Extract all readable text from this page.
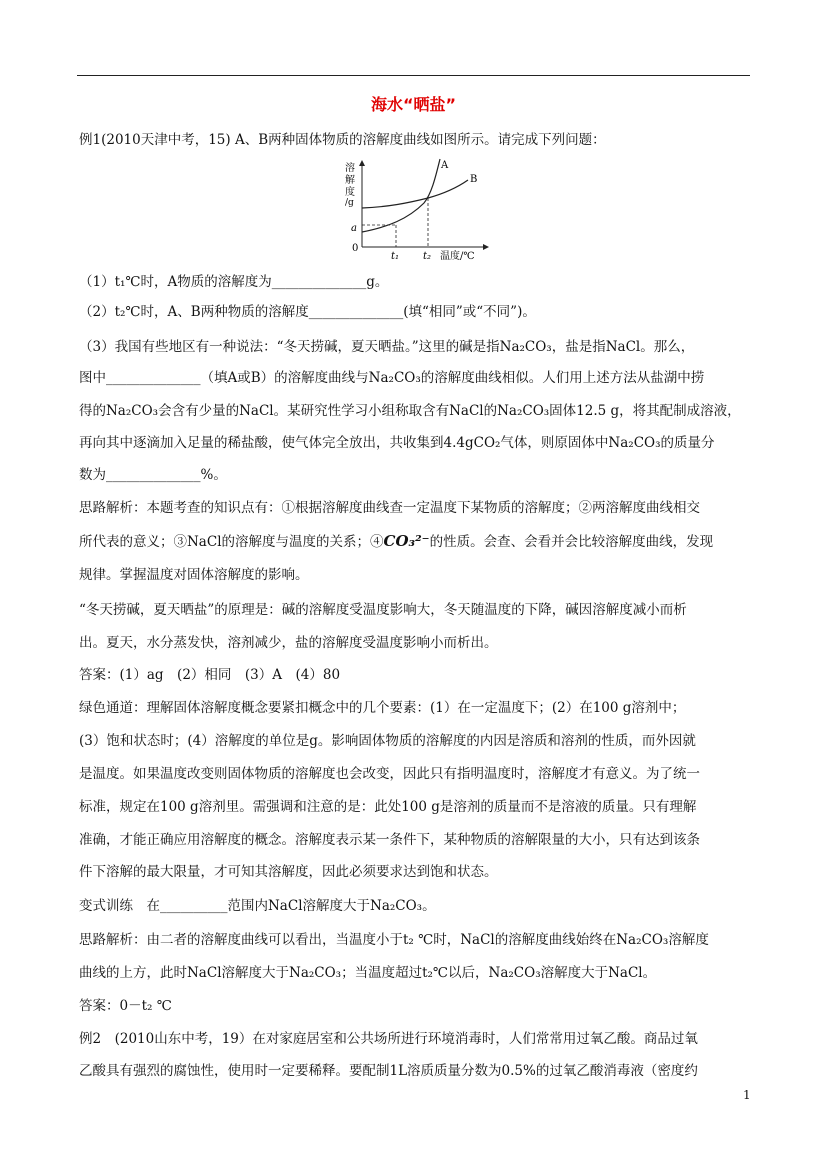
海水“晒盐”
例1(2010天津中考，15) A、B两种固体物质的溶解度曲线如图所示。请完成下列问题：
溶
解
度
/g
a
0
t₁ t₂ 温度/℃
A
B
（1）t₁℃时，A物质的溶解度为______________g。
（2）t₂℃时，A、B两种物质的溶解度______________(填“相同”或“不同”)。
（3）我国有些地区有一种说法：“冬天捞碱，夏天晒盐。”这里的碱是指Na₂CO₃，盐是指NaCl。那么，
图中______________（填A或B）的溶解度曲线与Na₂CO₃的溶解度曲线相似。人们用上述方法从盐湖中捞
得的Na₂CO₃会含有少量的NaCl。某研究性学习小组称取含有NaCl的Na₂CO₃固体12.5 g，将其配制成溶液，
再向其中逐滴加入足量的稀盐酸，使气体完全放出，共收集到4.4gCO₂气体，则原固体中Na₂CO₃的质量分
数为______________%。
思路解析：本题考查的知识点有：①根据溶解度曲线查一定温度下某物质的溶解度；②两溶解度曲线相交
所代表的意义；③NaCl的溶解度与温度的关系；④CO₃²⁻的性质。会查、会看并会比较溶解度曲线，发现
规律。掌握温度对固体溶解度的影响。
“冬天捞碱，夏天晒盐”的原理是：碱的溶解度受温度影响大，冬天随温度的下降，碱因溶解度减小而析
出。夏天，水分蒸发快，溶剂减少，盐的溶解度受温度影响小而析出。
答案：(1）ag　(2）相同　(3）A　(4）80
绿色通道：理解固体溶解度概念要紧扣概念中的几个要素：(1）在一定温度下；(2）在100 g溶剂中；
(3）饱和状态时；(4）溶解度的单位是g。影响固体物质的溶解度的内因是溶质和溶剂的性质，而外因就
是温度。如果温度改变则固体物质的溶解度也会改变，因此只有指明温度时，溶解度才有意义。为了统一
标准，规定在100 g溶剂里。需强调和注意的是：此处100 g是溶剂的质量而不是溶液的质量。只有理解
准确，才能正确应用溶解度的概念。溶解度表示某一条件下，某种物质的溶解限量的大小，只有达到该条
件下溶解的最大限量，才可知其溶解度，因此必须要求达到饱和状态。
变式训练　在__________范围内NaCl溶解度大于Na₂CO₃。
思路解析：由二者的溶解度曲线可以看出，当温度小于t₂ ℃时，NaCl的溶解度曲线始终在Na₂CO₃溶解度
曲线的上方，此时NaCl溶解度大于Na₂CO₃；当温度超过t₂℃以后，Na₂CO₃溶解度大于NaCl。
答案：0－t₂ ℃
例2　(2010山东中考，19）在对家庭居室和公共场所进行环境消毒时，人们常常用过氧乙酸。商品过氧
乙酸具有强烈的腐蚀性，使用时一定要稀释。要配制1L溶质质量分数为0.5%的过氧乙酸消毒液（密度约
1
